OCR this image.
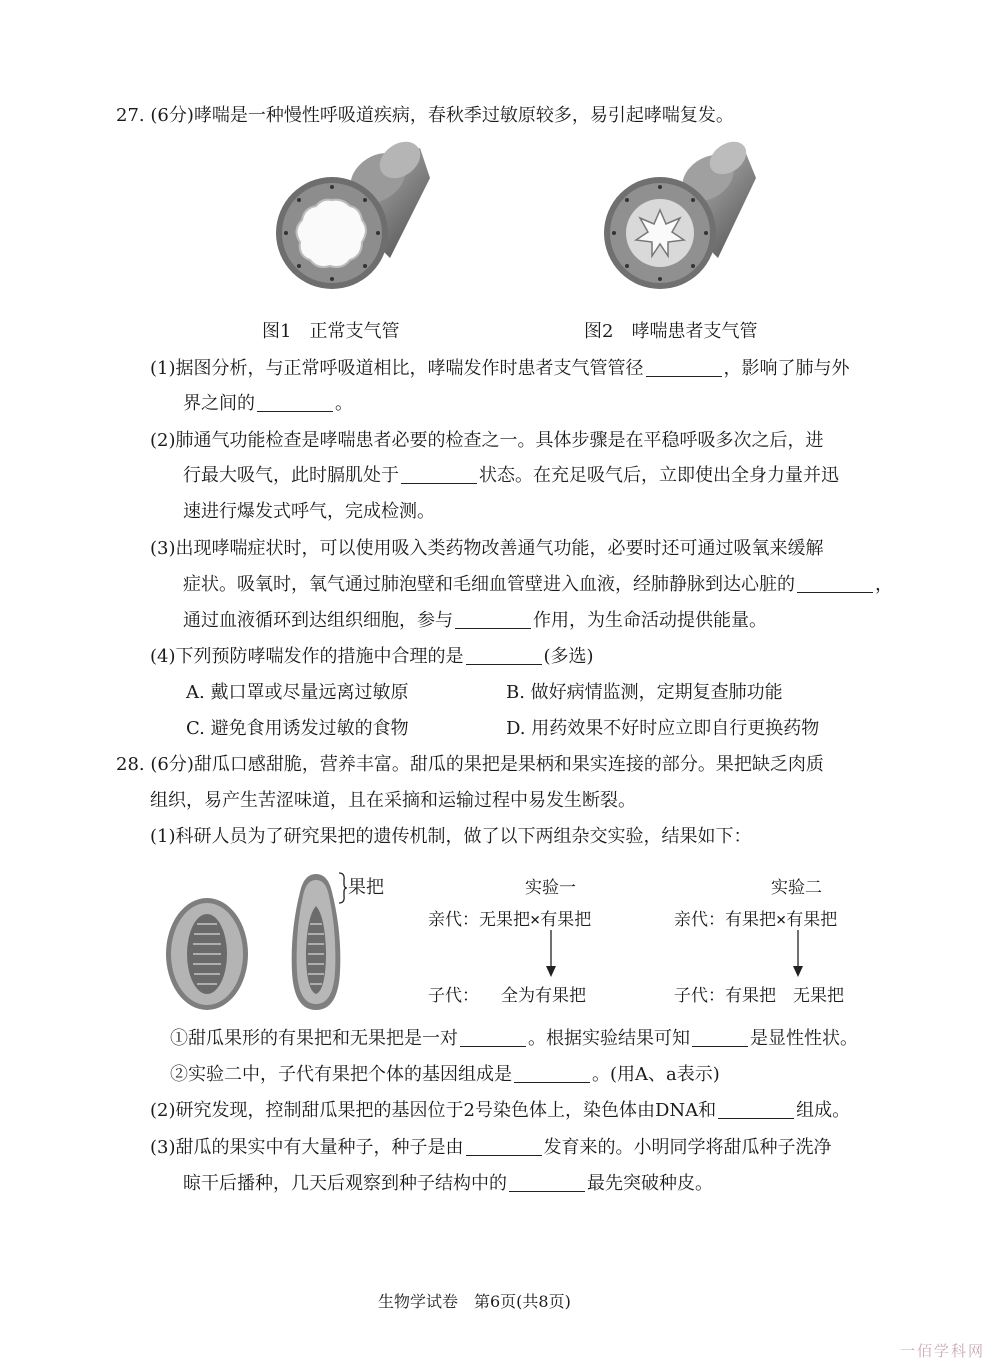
27. (6分)哮喘是一种慢性呼吸道疾病，春秋季过敏原较多，易引起哮喘复发。
图1　正常支气管	图2　哮喘患者支气管
(1)据图分析，与正常呼吸道相比，哮喘发作时患者支气管管径	，影响了肺与外
界之间的	。
(2)肺通气功能检查是哮喘患者必要的检查之一。具体步骤是在平稳呼吸多次之后，进
行最大吸气，此时膈肌处于	状态。在充足吸气后，立即使出全身力量并迅
速进行爆发式呼气，完成检测。
(3)出现哮喘症状时，可以使用吸入类药物改善通气功能，必要时还可通过吸氧来缓解
症状。吸氧时，氧气通过肺泡壁和毛细血管壁进入血液，经肺静脉到达心脏的	，
通过血液循环到达组织细胞，参与	作用，为生命活动提供能量。
(4)下列预防哮喘发作的措施中合理的是	(多选)
A. 戴口罩或尽量远离过敏原	B. 做好病情监测，定期复查肺功能
C. 避免食用诱发过敏的食物	D. 用药效果不好时应立即自行更换药物
28. (6分)甜瓜口感甜脆，营养丰富。甜瓜的果把是果柄和果实连接的部分。果把缺乏肉质
组织，易产生苦涩味道，且在采摘和运输过程中易发生断裂。
(1)科研人员为了研究果把的遗传机制，做了以下两组杂交实验，结果如下：
果把	实验一
亲代：无果把×有果把
子代： 全为有果把
实验二
亲代：有果把×有果把
子代：有果把　无果把
①甜瓜果形的有果把和无果把是一对	。根据实验结果可知	是显性性状。
②实验二中，子代有果把个体的基因组成是	。(用A、a表示)
(2)研究发现，控制甜瓜果把的基因位于2号染色体上，染色体由DNA和	组成。
(3)甜瓜的果实中有大量种子，种子是由	发育来的。小明同学将甜瓜种子洗净
晾干后播种，几天后观察到种子结构中的	最先突破种皮。
生物学试卷　第6页(共8页)
一佰学科网
